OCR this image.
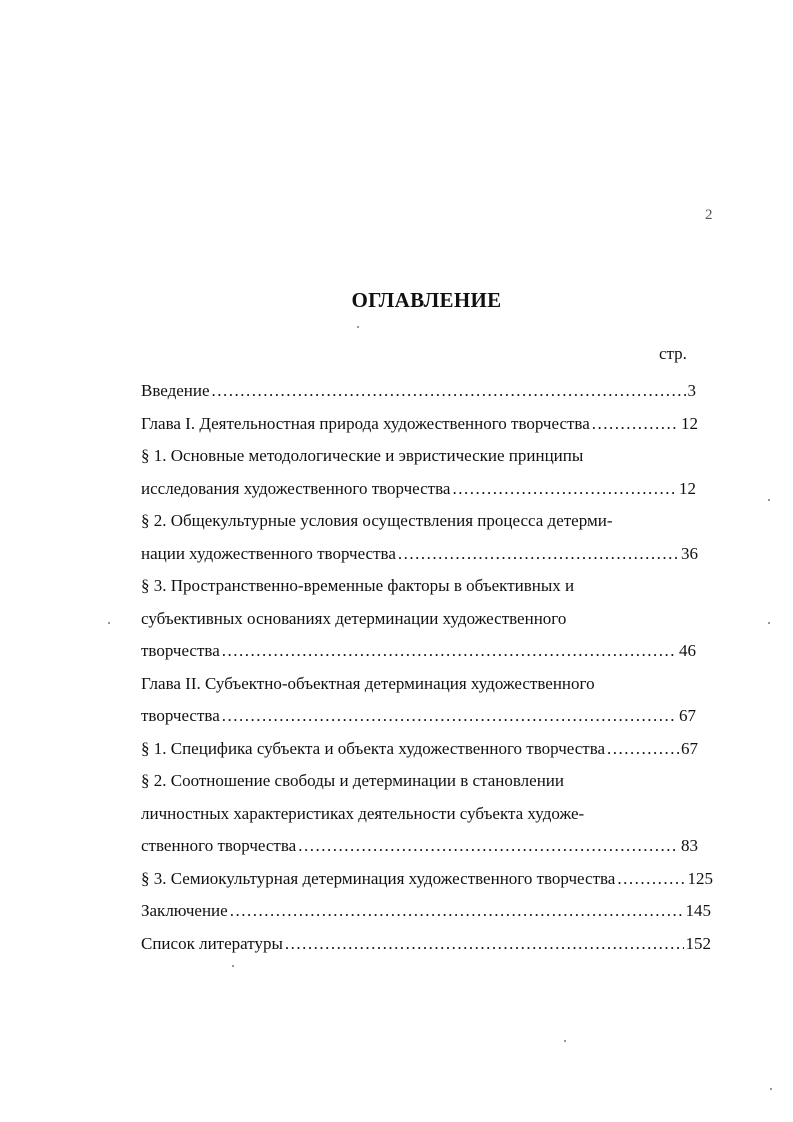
2
ОГЛАВЛЕНИЕ
стр.
Введение .....	3
Глава I. Деятельностная природа художественного творчества .....	12
§ 1. Основные методологические и эвристические принципы
исследования художественного творчества .....	12
§ 2. Общекультурные условия осуществления процесса детерми-
нации художественного творчества .....	36
§ 3. Пространственно-временные факторы в объективных и
субъективных основаниях детерминации художественного
творчества .....	46
Глава II. Субъектно-объектная детерминация художественного
творчества .....	67
§ 1. Специфика субъекта и объекта художественного творчества .....	67
§ 2. Соотношение свободы и детерминации в становлении
личностных характеристиках деятельности субъекта художе-
ственного творчества .....	83
§ 3. Семиокультурная детерминация художественного творчества .....	125
Заключение .....	145
Список литературы .....	152
